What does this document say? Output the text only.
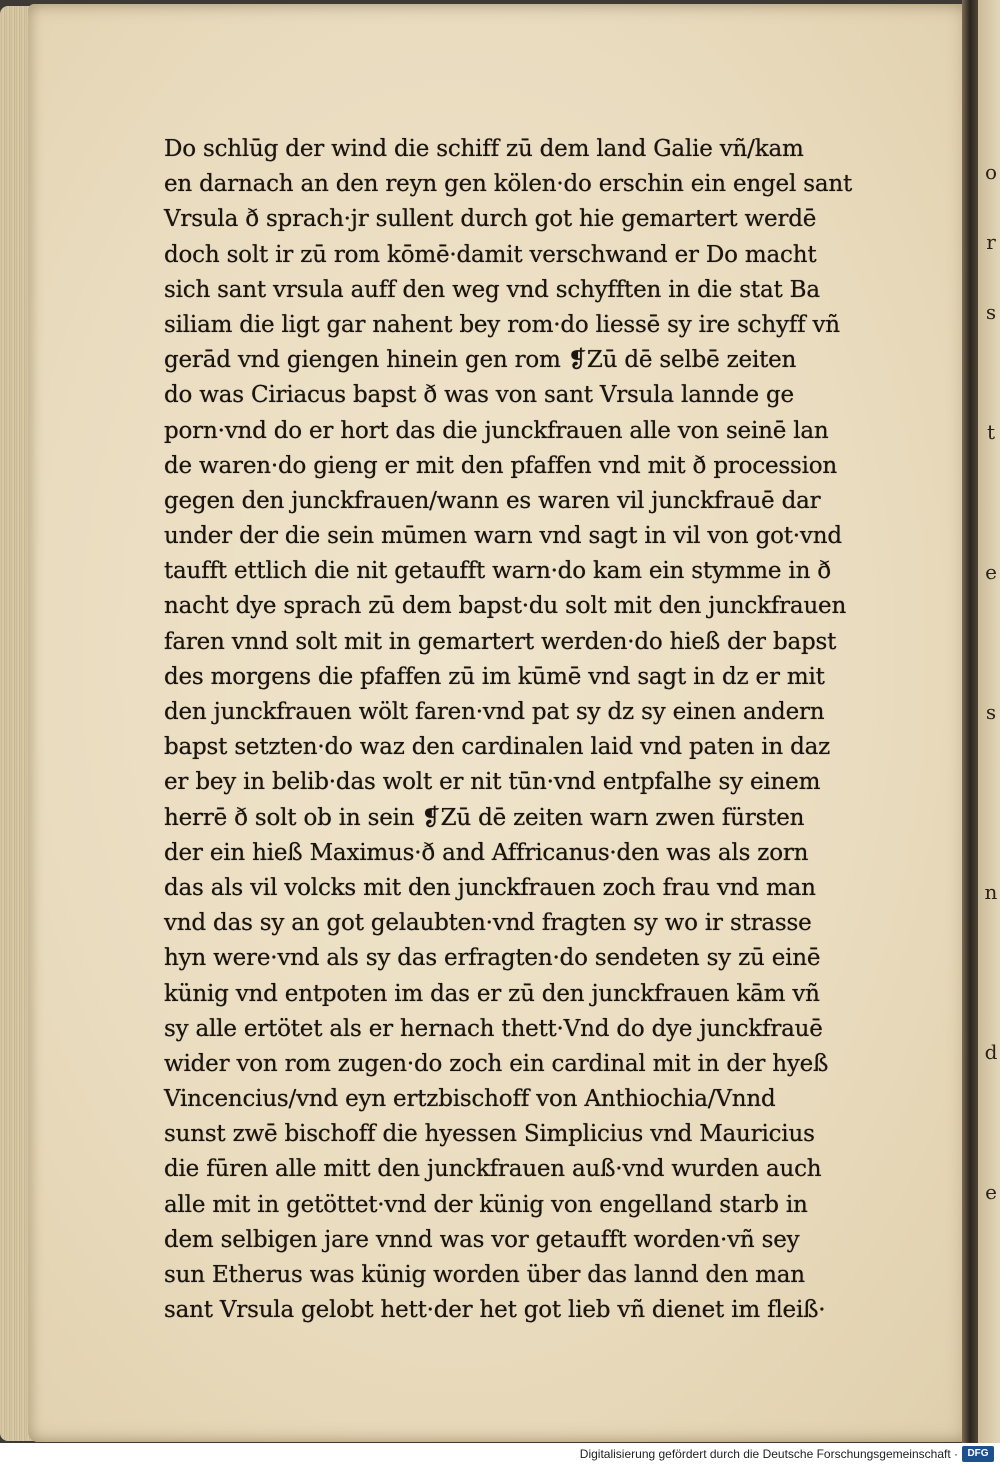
Do schlūg der wind die schiff zū dem land Galie vñ/kam
en darnach an den reyn gen kölen·do erschin ein engel sant
Vrsula ð sprach·jr sullent durch got hie gemartert werdē
doch solt ir zū rom kōmē·damit verschwand er Do macht
sich sant vrsula auff den weg vnd schyfften in die stat Ba
siliam die ligt gar nahent bey rom·do liessē sy ire schyff vñ
gerād vnd giengen hinein gen rom ❡Zū dē selbē zeiten
do was Ciriacus bapst ð was von sant Vrsula lannde ge
porn·vnd do er hort das die junckfrauen alle von seinē lan
de waren·do gieng er mit den pfaffen vnd mit ð procession
gegen den junckfrauen/wann es waren vil junckfrauē dar
under der die sein mūmen warn vnd sagt in vil von got·vnd
taufft ettlich die nit getaufft warn·do kam ein stymme in ð
nacht dye sprach zū dem bapst·du solt mit den junckfrauen
faren vnnd solt mit in gemartert werden·do hieß der bapst
des morgens die pfaffen zū im kūmē vnd sagt in dz er mit
den junckfrauen wölt faren·vnd pat sy dz sy einen andern
bapst setzten·do waz den cardinalen laid vnd paten in daz
er bey in belib·das wolt er nit tūn·vnd entpfalhe sy einem
herrē ð solt ob in sein ❡Zū dē zeiten warn zwen fürsten
der ein hieß Maximus·ð and Affricanus·den was als zorn
das als vil volcks mit den junckfrauen zoch frau vnd man
vnd das sy an got gelaubten·vnd fragten sy wo ir strasse
hyn were·vnd als sy das erfragten·do sendeten sy zū einē
künig vnd entpoten im das er zū den junckfrauen kām vñ
sy alle ertötet als er hernach thett·Vnd do dye junckfrauē
wider von rom zugen·do zoch ein cardinal mit in der hyeß
Vincencius/vnd eyn ertzbischoff von Anthiochia/Vnnd
sunst zwē bischoff die hyessen Simplicius vnd Mauricius
die fūren alle mitt den junckfrauen auß·vnd wurden auch
alle mit in getöttet·vnd der künig von engelland starb in
dem selbigen jare vnnd was vor getaufft worden·vñ sey
sun Etherus was künig worden über das lannd den man
sant Vrsula gelobt hett·der het got lieb vñ dienet im fleiß·
o
r
s
t
e
s
n
d
e
Digitalisierung gefördert durch die Deutsche Forschungsgemeinschaft · DFG
